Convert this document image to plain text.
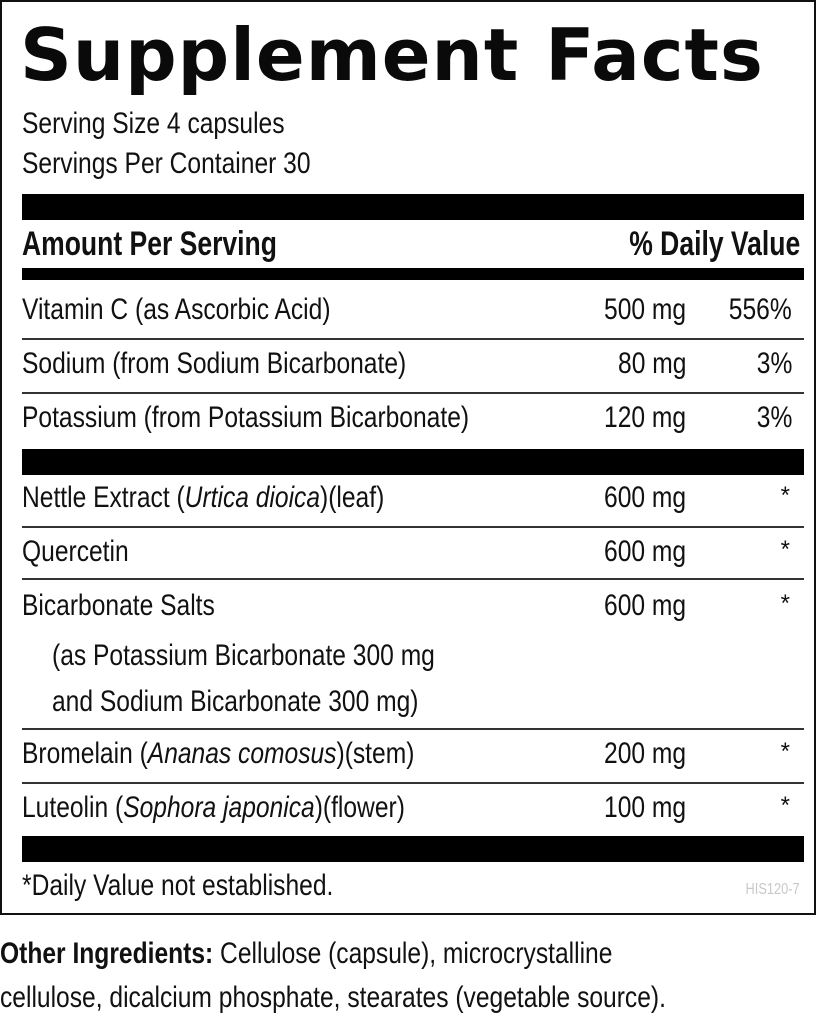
Supplement Facts
Serving Size 4 capsules
Servings Per Container 30
Amount Per Serving	% Daily Value
Vitamin C (as Ascorbic Acid)	500 mg 556%
Sodium (from Sodium Bicarbonate)	80 mg 3%
Potassium (from Potassium Bicarbonate)	120 mg 3%
Nettle Extract (Urtica dioica)(leaf)	600 mg	*
Quercetin	600 mg	*
Bicarbonate Salts	600 mg	*
(as Potassium Bicarbonate 300 mg
and Sodium Bicarbonate 300 mg)
Bromelain (Ananas comosus)(stem)	200 mg	*
Luteolin (Sophora japonica)(flower)	100 mg	*
*Daily Value not established.	HIS120-7
Other Ingredients: Cellulose (capsule), microcrystalline
cellulose, dicalcium phosphate, stearates (vegetable source).
